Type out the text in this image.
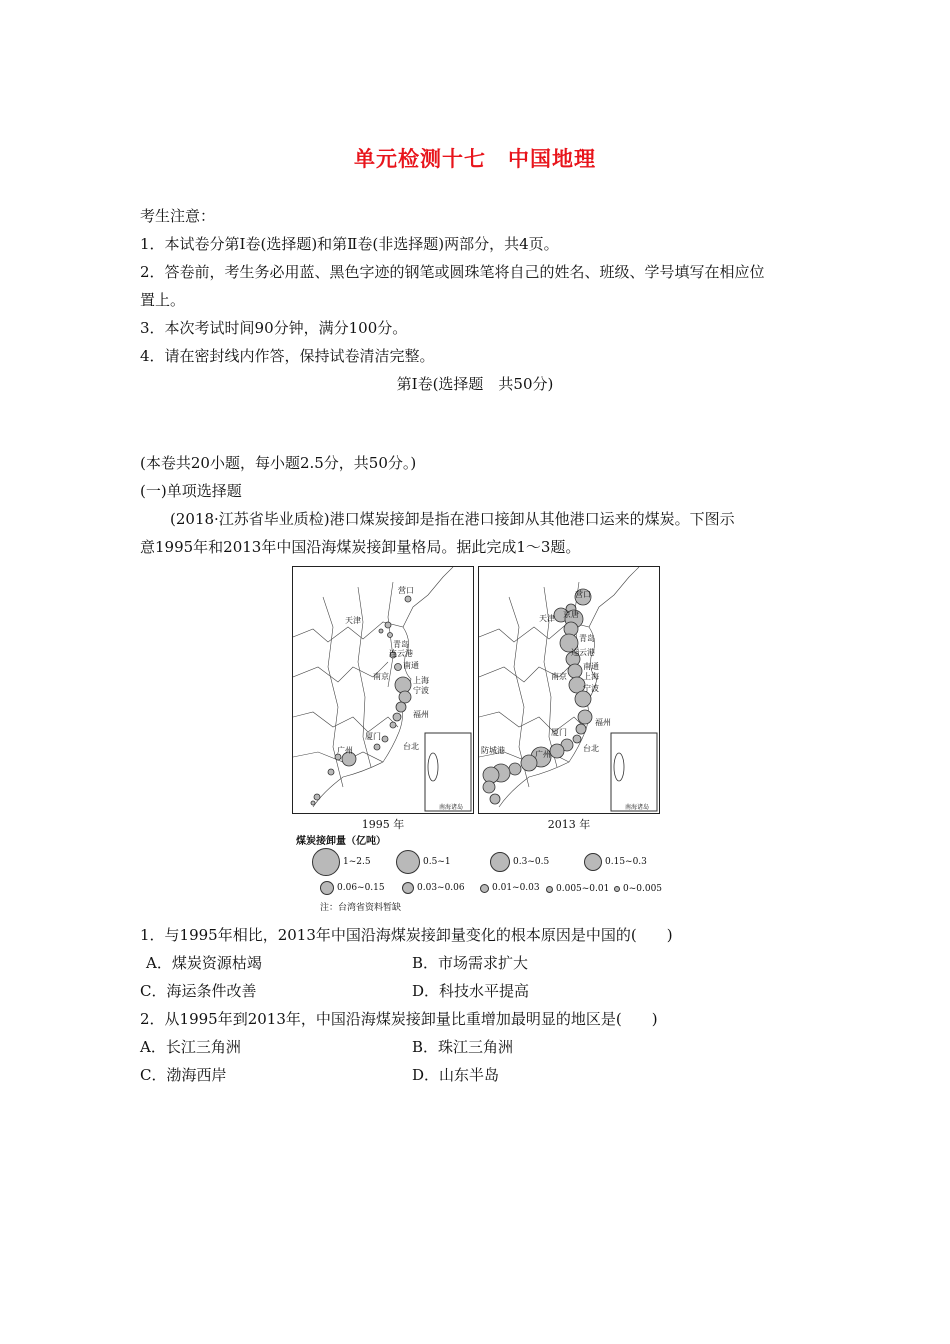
单元检测十七　中国地理
考生注意：
1．本试卷分第Ⅰ卷(选择题)和第Ⅱ卷(非选择题)两部分，共4页。
2．答卷前，考生务必用蓝、黑色字迹的钢笔或圆珠笔将自己的姓名、班级、学号填写在相应位
置上。
3．本次考试时间90分钟，满分100分。
4．请在密封线内作答，保持试卷清洁完整。
第Ⅰ卷(选择题　共50分)
(本卷共20小题，每小题2.5分，共50分。)
(一)单项选择题
(2018·江苏省毕业质检)港口煤炭接卸是指在港口接卸从其他港口运来的煤炭。下图示
意1995年和2013年中国沿海煤炭接卸量格局。据此完成1～3题。
南海诸岛
营口
天津
青岛
连云港
南通
南京	上海
宁波
福州
厦门
台北
广州
1995 年
南海诸岛
营口
天津 京唐
青岛
连云港
南通
南京 上海
宁波
福州
厦门
台北
广州
防城港
2013 年
煤炭接卸量（亿吨）
1~2.5	0.5~1	0.3~0.5	0.15~0.3
0.06~0.15	0.03~0.06	0.01~0.03 0.005~0.01 0~0.005
注：台湾省资料暂缺
1．与1995年相比，2013年中国沿海煤炭接卸量变化的根本原因是中国的(　　)
A．煤炭资源枯竭	B．市场需求扩大
C．海运条件改善	D．科技水平提高
2．从1995年到2013年，中国沿海煤炭接卸量比重增加最明显的地区是(　　)
A．长江三角洲	B．珠江三角洲
C．渤海西岸	D．山东半岛
